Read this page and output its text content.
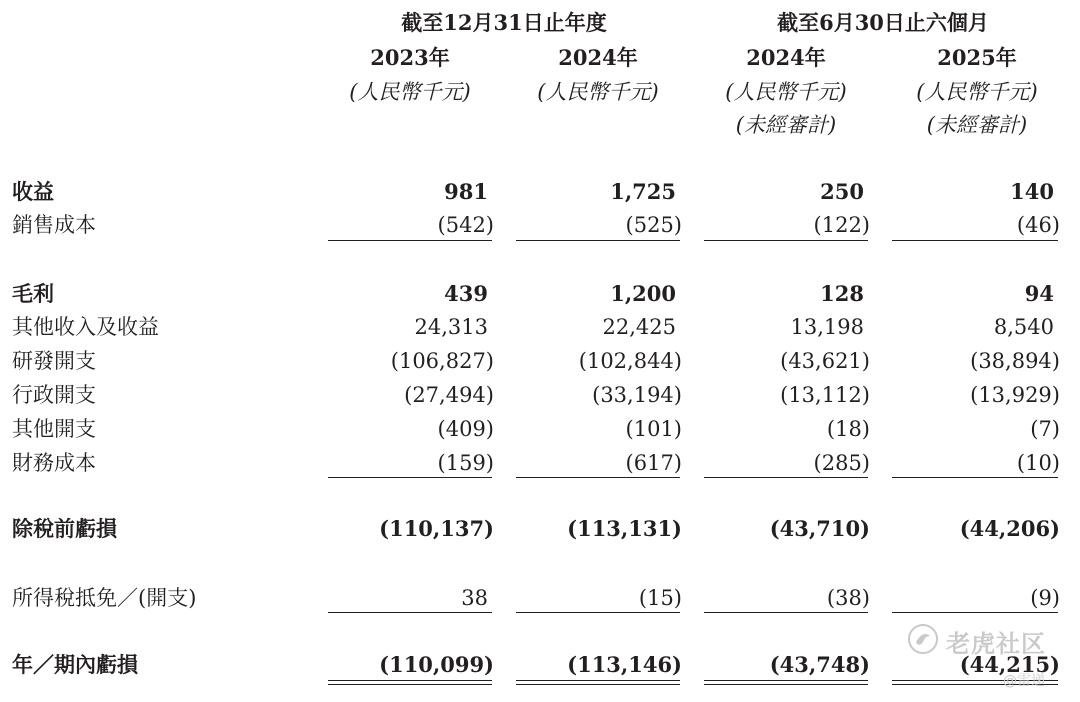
截至12月31日止年度	截至6月30日止六個月
2023年	2024年	2024年	2025年
(人民幣千元)	(人民幣千元)	(人民幣千元)	(人民幣千元)
(未經審計)	(未經審計)
收益	981	1,725	250	140
銷售成本	(542)	(525)	(122)	(46)
毛利	439	1,200	128	94
其他收入及收益	24,313	22,425	13,198	8,540
研發開支	(106,827)	(102,844)	(43,621)	(38,894)
行政開支	(27,494)	(33,194)	(13,112)	(13,929)
其他開支	(409)	(101)	(18)	(7)
財務成本	(159)	(617)	(285)	(10)
除稅前虧損	(110,137)	(113,131)	(43,710)	(44,206)
所得稅抵免／(開支)	38	(15)	(38)	(9)
年／期內虧損	(110,099)	(113,146)	(43,748)	(44,215)
老虎社区
@雷递
